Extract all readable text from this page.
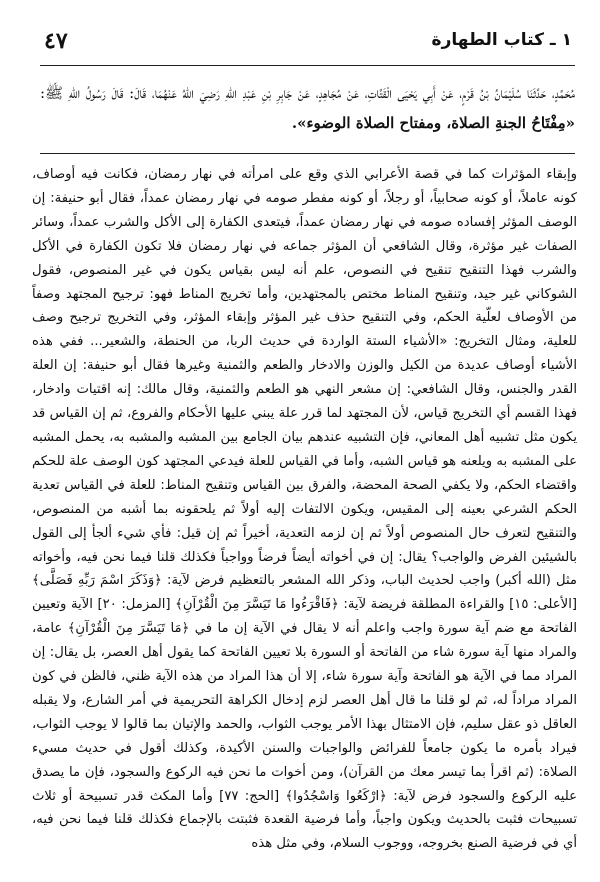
٤٧	١ ـ كتاب الطهارة
مُحَمَّدٍ، حَدَّثَنَا سُلَيْمَانُ بْنُ قَرْمٍ، عَنْ أَبِي يَحْيَى الْقَتَّاتِ، عَنْ مُجَاهِدٍ، عَنْ جَابِرِ بْنِ عَبْدِ اللهِ رَضِيَ اللهُ عَنْهُمَا، قَالَ: قَالَ رَسُولُ اللهِ ﷺ: «مِفْتَاحُ الجنةِ الصلاة، ومفتاح الصلاة الوضوء».

وإبقاء المؤثرات كما في قصة الأعرابي الذي وقع على امرأته في نهار رمضان، فكانت فيه أوصاف، كونه عاملاً، أو كونه صحابياً، أو رجلاً، أو كونه مفطر صومه في نهار رمضان عمداً، فقال أبو حنيفة: إن الوصف المؤثر إفساده صومه في نهار رمضان عمداً، فيتعدى الكفارة إلى الأكل والشرب عمداً، وسائر الصفات غير مؤثرة، وقال الشافعي أن المؤثر جماعه في نهار رمضان فلا تكون الكفارة في الأكل والشرب فهذا التنقيح تنقيح في النصوص، علم أنه ليس بقياس يكون في غير المنصوص، فقول الشوكاني غير جيد، وتنقيح المناط مختص بالمجتهدين، وأما تخريج المناط فهو: ترجيح المجتهد وصفاً من الأوصاف لعلّية الحكم، وفي التنقيح حذف غير المؤثر وإبقاء المؤثر، وفي التخريج ترجيح وصف للعلية، ومثال التخريج: «الأشياء الستة الواردة في حديث الربا، من الحنطة، والشعير... ففي هذه الأشياء أوصاف عديدة من الكيل والوزن والادخار والطعم والثمنية وغيرها فقال أبو حنيفة: إن العلة القدر والجنس، وقال الشافعي: إن مشعر النهي هو الطعم والثمنية، وقال مالك: إنه اقتيات وادخار، فهذا القسم أي التخريج قياس، لأن المجتهد لما قرر علة يبني عليها الأحكام والفروع، ثم إن القياس قد يكون مثل تشبيه أهل المعاني، فإن التشبيه عندهم بيان الجامع بين المشبه والمشبه به، يحمل المشبه على المشبه به ويلعنه هو قياس الشبه، وأما في القياس للعلة فيدعي المجتهد كون الوصف علة للحكم واقتضاء الحكم، ولا يكفي الصحة المحضة، والفرق بين القياس وتنقيح المناط: للعلة في القياس تعدية الحكم الشرعي بعينه إلى المقيس، ويكون الالتفات إليه أولاً ثم يلحقونه بما أشبه من المنصوص، والتنقيح لتعرف حال المنصوص أولاً ثم إن لزمه التعدية، أخيراً ثم إن قيل: فأي شيء ألجأ إلى القول بالشيئين الفرض والواجب؟ يقال: إن في أخواته أيضاً فرضاً وواجباً فكذلك قلنا فيما نحن فيه، وأخواته مثل (الله أكبر) واجب لحديث الباب، وذكر الله المشعر بالتعظيم فرض لآية: ﴿وَذَكَرَ اسْمَ رَبِّهِ فَصَلَّى﴾ [الأعلى: ١٥] والقراءة المطلقة فريضة لآية: ﴿فَاقْرَءُوا مَا تَيَسَّرَ مِنَ الْقُرْآنِ﴾ [المزمل: ٢٠] الآية وتعيين الفاتحة مع ضم آية سورة واجب واعلم أنه لا يقال في الآية إن ما في ﴿مَا تَيَسَّرَ مِنَ الْقُرْآنِ﴾ عامة، والمراد منها آية سورة شاء من الفاتحة أو السورة بلا تعيين الفاتحة كما يقول أهل العصر، بل يقال: إن المراد مما في الآية هو الفاتحة وآية سورة شاء، إلا أن هذا المراد من هذه الآية ظني، فالظن في كون المراد مراداً له، ثم لو قلنا ما قال أهل العصر لزم إدخال الكراهة التحريمية في أمر الشارع، ولا يقبله العاقل ذو عقل سليم، فإن الامتثال بهذا الأمر يوجب الثواب، والحمد والإتيان بما قالوا لا يوجب الثواب، فيراد بأمره ما يكون جامعاً للفرائض والواجبات والسنن الأكيدة، وكذلك أقول في حديث مسيء الصلاة: (ثم اقرأ بما تيسر معك من القرآن)، ومن أخوات ما نحن فيه الركوع والسجود، فإن ما يصدق عليه الركوع والسجود فرض لآية: ﴿ارْكَعُوا وَاسْجُدُوا﴾ [الحج: ٧٧] وأما المكث قدر تسبيحة أو ثلاث تسبيحات فثبت بالحديث ويكون واجباً، وأما فرضية القعدة فثبتت بالإجماع فكذلك قلنا فيما نحن فيه، أي في فرضية الصنع بخروجه، ووجوب السلام، وفي مثل هذه
